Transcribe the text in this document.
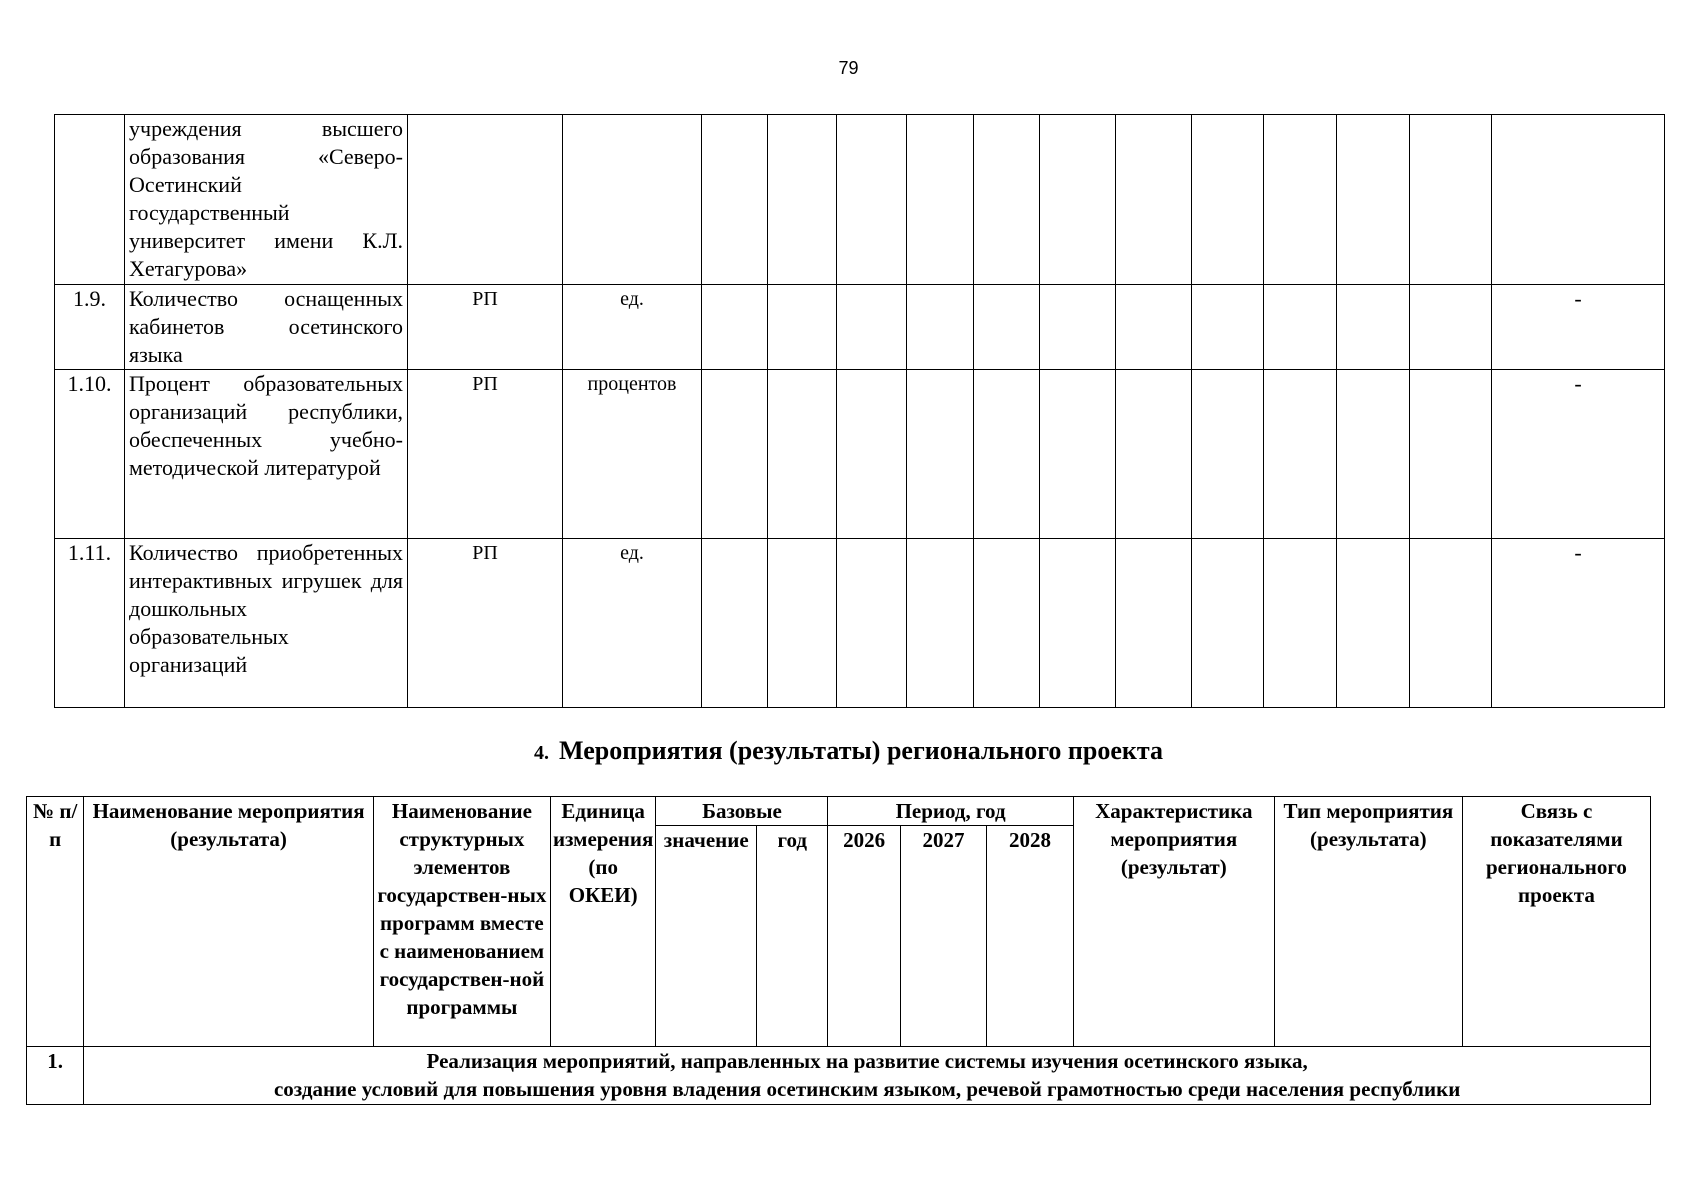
79
	учреждения высшего образования «Северо-Осетинский государственный университет имени К.Л. Хетагурова»														
1.9.	Количество оснащенных кабинетов осетинского языка	РП	ед.												-
1.10.	Процент образовательных организаций республики, обеспеченных учебно-методической литературой	РП	процентов												-
1.11.	Количество приобретенных интерактивных игрушек для дошкольных образовательных организаций	РП	ед.												-
4. Мероприятия (результаты) регионального проекта
№ п/п	Наименование мероприятия (результата)	Наименование структурных элементов государствен-ных программ вместе с наименованием государствен-ной программы	Единица измерения (по ОКЕИ)	Базовые		Период, год			Характеристика мероприятия (результат)	Тип мероприятия (результата)	Связь с показателями регионального проекта
				значение	год	2026	2027	2028			
1.	Реализация мероприятий, направленных на развитие системы изучения осетинского языка,
создание условий для повышения уровня владения осетинским языком, речевой грамотностью среди населения республики										
